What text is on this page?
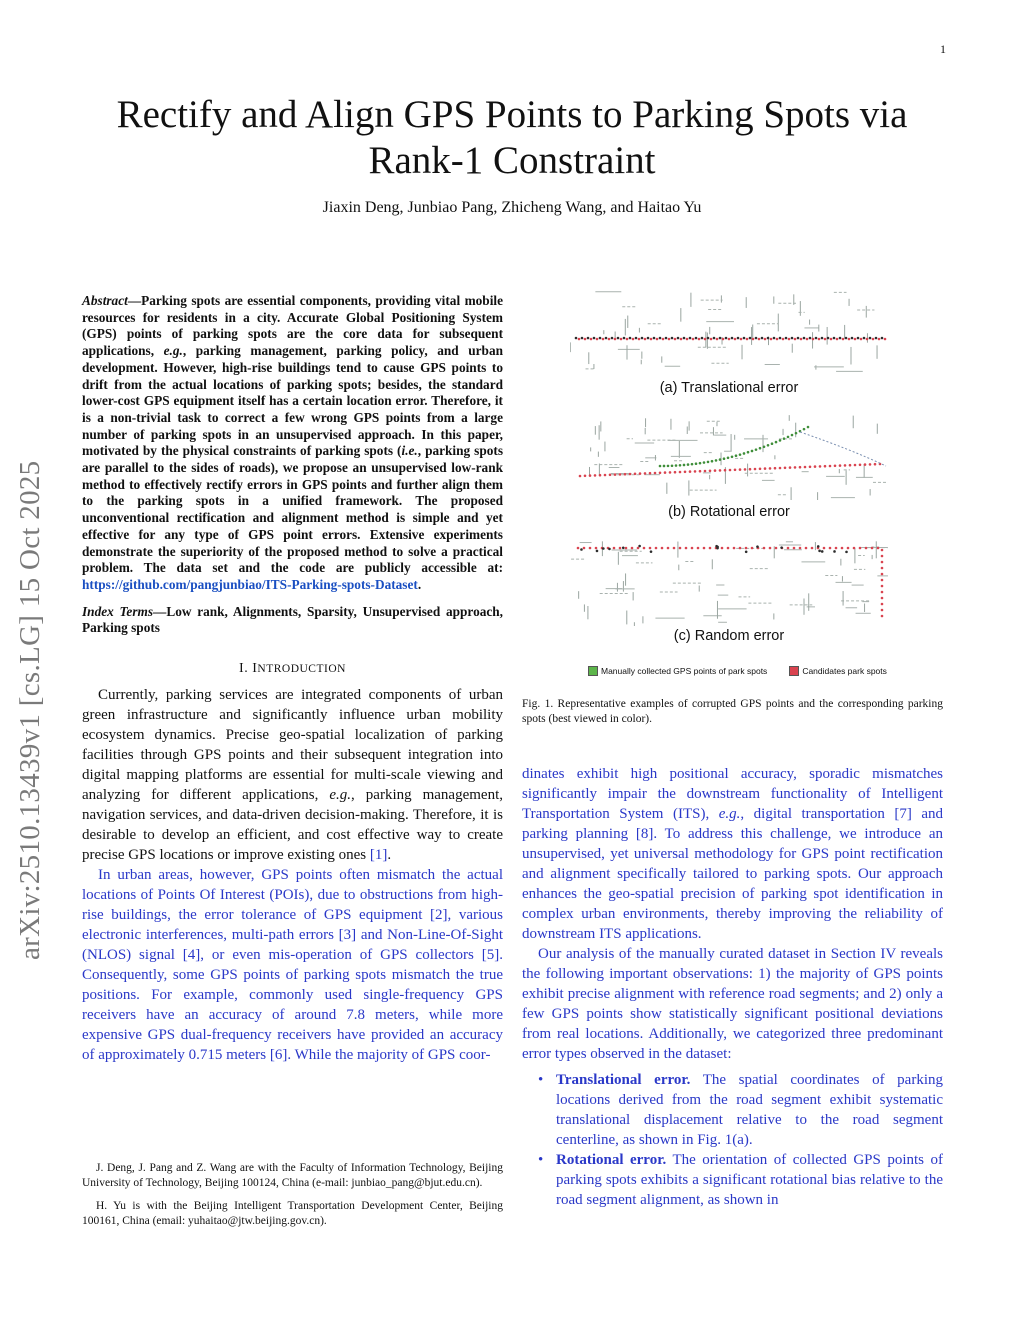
1
arXiv:2510.13439v1 [cs.LG] 15 Oct 2025
Rectify and Align GPS Points to Parking Spots via
Rank-1 Constraint
Jiaxin Deng, Junbiao Pang, Zhicheng Wang, and Haitao Yu
Abstract—Parking spots are essential components, providing vital mobile resources for residents in a city. Accurate Global Positioning System (GPS) points of parking spots are the core data for subsequent applications, e.g., parking management, parking policy, and urban development. However, high-rise buildings tend to cause GPS points to drift from the actual locations of parking spots; besides, the standard lower-cost GPS equipment itself has a certain location error. Therefore, it is a non-trivial task to correct a few wrong GPS points from a large number of parking spots in an unsupervised approach. In this paper, motivated by the physical constraints of parking spots (i.e., parking spots are parallel to the sides of roads), we propose an unsupervised low-rank method to effectively rectify errors in GPS points and further align them to the parking spots in a unified framework. The proposed unconventional rectification and alignment method is simple and yet effective for any type of GPS point errors. Extensive experiments demonstrate the superiority of the proposed method to solve a practical problem. The data set and the code are publicly accessible at: https://github.com/pangjunbiao/ITS-Parking-spots-Dataset.
Index Terms—Low rank, Alignments, Sparsity, Unsupervised approach, Parking spots
I. INTRODUCTION

Currently, parking services are integrated components of urban green infrastructure and significantly influence urban mobility ecosystem dynamics. Precise geo-spatial localization of parking facilities through GPS points and their subsequent integration into digital mapping platforms are essential for multi-scale viewing and analyzing for different applications, e.g., parking management, navigation services, and data-driven decision-making. Therefore, it is desirable to develop an efficient, and cost effective way to create precise GPS locations or improve existing ones [1].

In urban areas, however, GPS points often mismatch the actual locations of Points Of Interest (POIs), due to obstructions from high-rise buildings, the error tolerance of GPS equipment [2], various electronic interferences, multi-path errors [3] and Non-Line-Of-Sight (NLOS) signal [4], or even mis-operation of GPS collectors [5]. Consequently, some GPS points of parking spots mismatch the true positions. For example, commonly used single-frequency GPS receivers have an accuracy of around 7.8 meters, while more expensive GPS dual-frequency receivers have provided an accuracy of approximately 0.715 meters [6]. While the majority of GPS coor-

J. Deng, J. Pang and Z. Wang are with the Faculty of Information Technology, Beijing University of Technology, Beijing 100124, China (e-mail: junbiao_pang@bjut.edu.cn).

H. Yu is with the Beijing Intelligent Transportation Development Center, Beijing 100161, China (email: yuhaitao@jtw.beijing.gov.cn).

(a) Translational error
(b) Rotational error
(c) Random error
Manually collected GPS points of park spots	Candidates park spots
Fig. 1. Representative examples of corrupted GPS points and the corresponding parking spots (best viewed in color).

dinates exhibit high positional accuracy, sporadic mismatches significantly impair the downstream functionality of Intelligent Transportation System (ITS), e.g., digital transportation [7] and parking planning [8]. To address this challenge, we introduce an unsupervised, yet universal methodology for GPS point rectification and alignment specifically tailored to parking spots. Our approach enhances the geo-spatial precision of parking spot identification in complex urban environments, thereby improving the reliability of downstream ITS applications.

Our analysis of the manually curated dataset in Section IV reveals the following important observations: 1) the majority of GPS points exhibit precise alignment with reference road segments; and 2) only a few GPS points show statistically significant positional deviations from real locations. Additionally, we categorized three predominant error types observed in the dataset:

• Translational error. The spatial coordinates of parking locations derived from the road segment exhibit systematic translational displacement relative to the road segment centerline, as shown in Fig. 1(a).
• Rotational error. The orientation of collected GPS points of parking spots exhibits a significant rotational bias relative to the road segment alignment, as shown in
